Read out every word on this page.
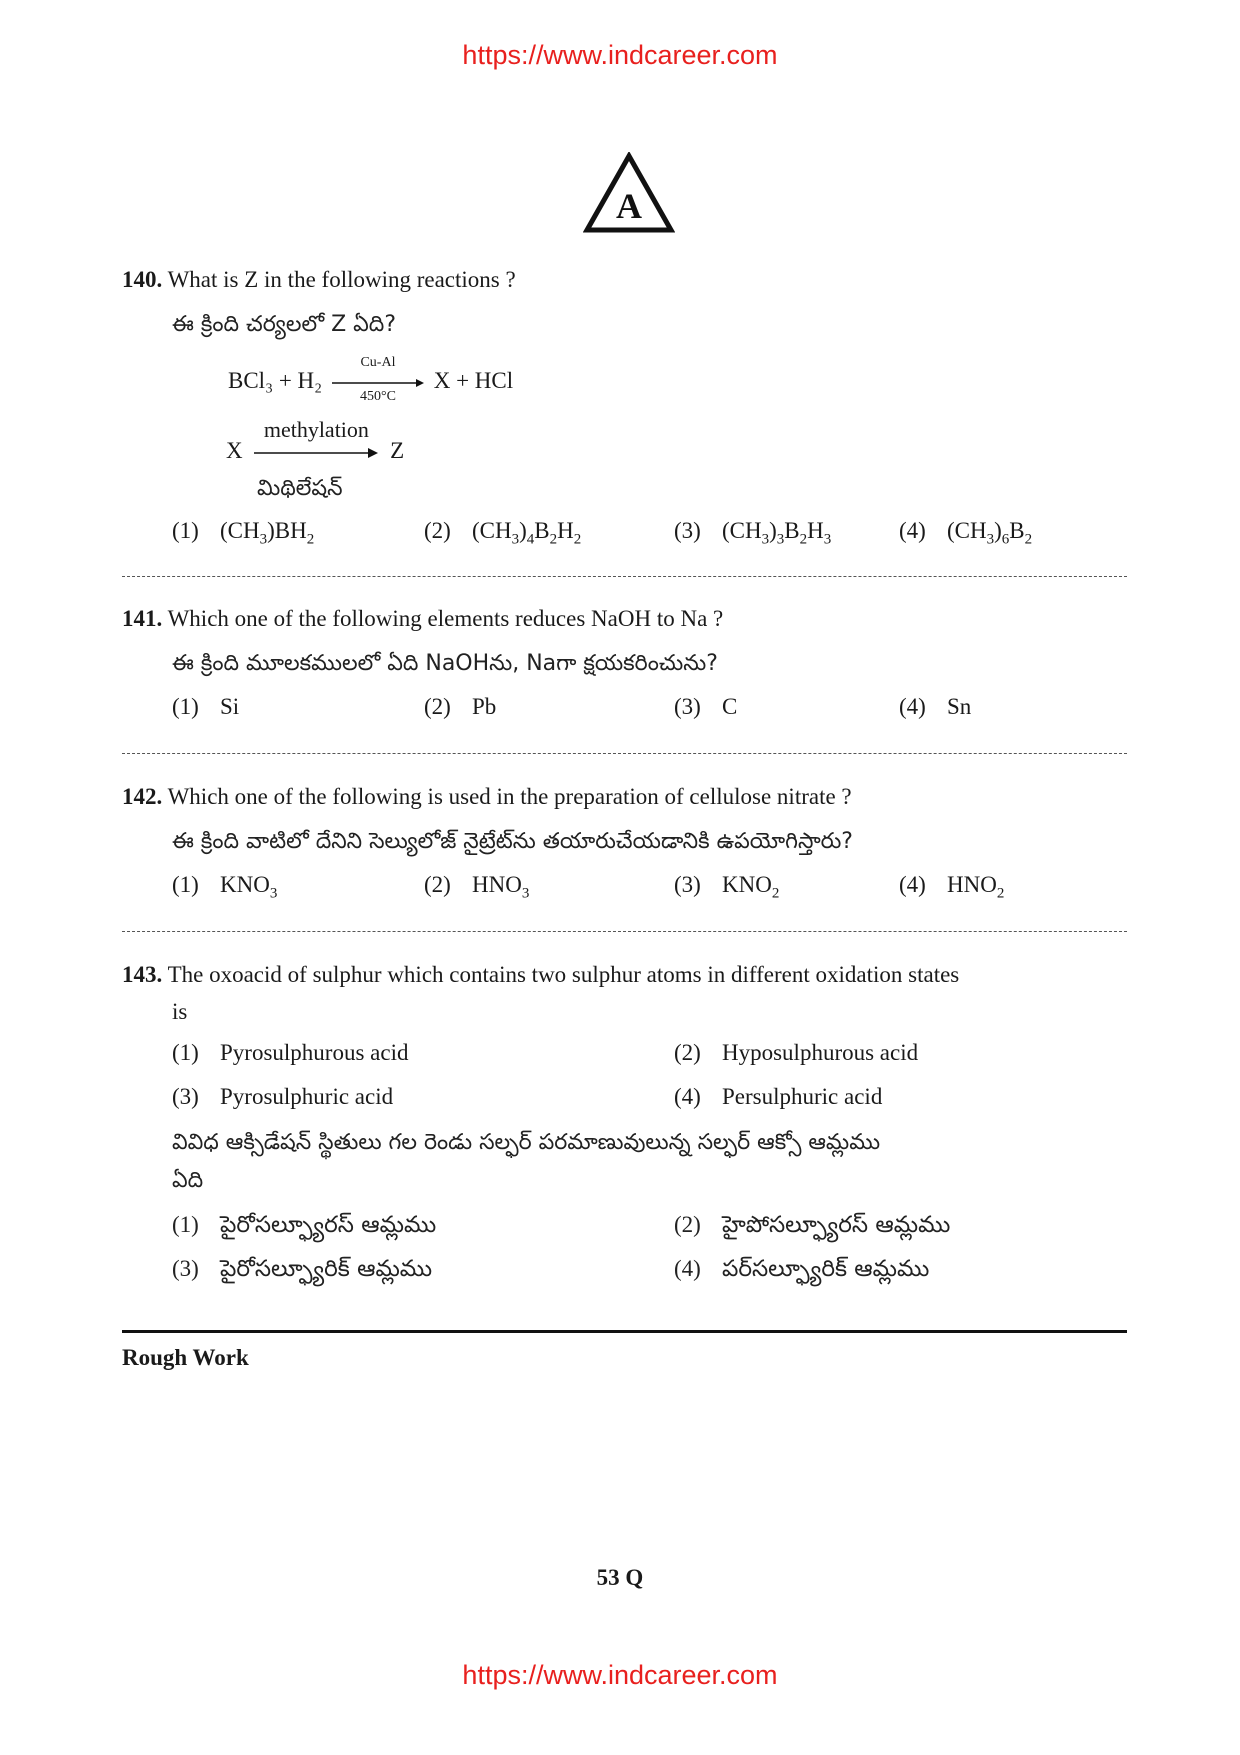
https://www.indcareer.com
A
140. What is Z in the following reactions ?
ఈ క్రింది చర్యలలో Z ఏది?
BCl₃ + H₂
Cu-Al
450°C
X + HCl
X
methylation
Z
మిథిలేషన్
(1) $(CH_3)BH_2$	(2) $(CH_3)_4B_2H_2$	(3) $(CH_3)_3B_2H_3$	(4) $(CH_3)_6B_2$
141. Which one of the following elements reduces NaOH to Na ?
ఈ క్రింది మూలకములలో ఏది NaOHను, Naగా క్షయకరించును?
(1) Si	(2) Pb	(3) C	(4) Sn
142. Which one of the following is used in the preparation of cellulose nitrate ?
ఈ క్రింది వాటిలో దేనిని సెల్యులోజ్ నైట్రేట్‌ను తయారుచేయడానికి ఉపయోగిస్తారు?
(1) $KNO_3$	(2) $HNO_3$	(3) $KNO_2$	(4) $HNO_2$
143. The oxoacid of sulphur which contains two sulphur atoms in different oxidation states
is
(1) Pyrosulphurous acid	(2) Hyposulphurous acid
(3) Pyrosulphuric acid	(4) Persulphuric acid
వివిధ ఆక్సిడేషన్ స్థితులు గల రెండు సల్ఫర్ పరమాణువులున్న సల్ఫర్ ఆక్సో ఆమ్లము
ఏది
(1) పైరోసల్ఫ్యూరస్ ఆమ్లము	(2) హైపోసల్ఫ్యూరస్ ఆమ్లము
(3) పైరోసల్ఫ్యూరిక్ ఆమ్లము	(4) పర్‌సల్ఫ్యూరిక్ ఆమ్లము
Rough Work
53 Q
https://www.indcareer.com
